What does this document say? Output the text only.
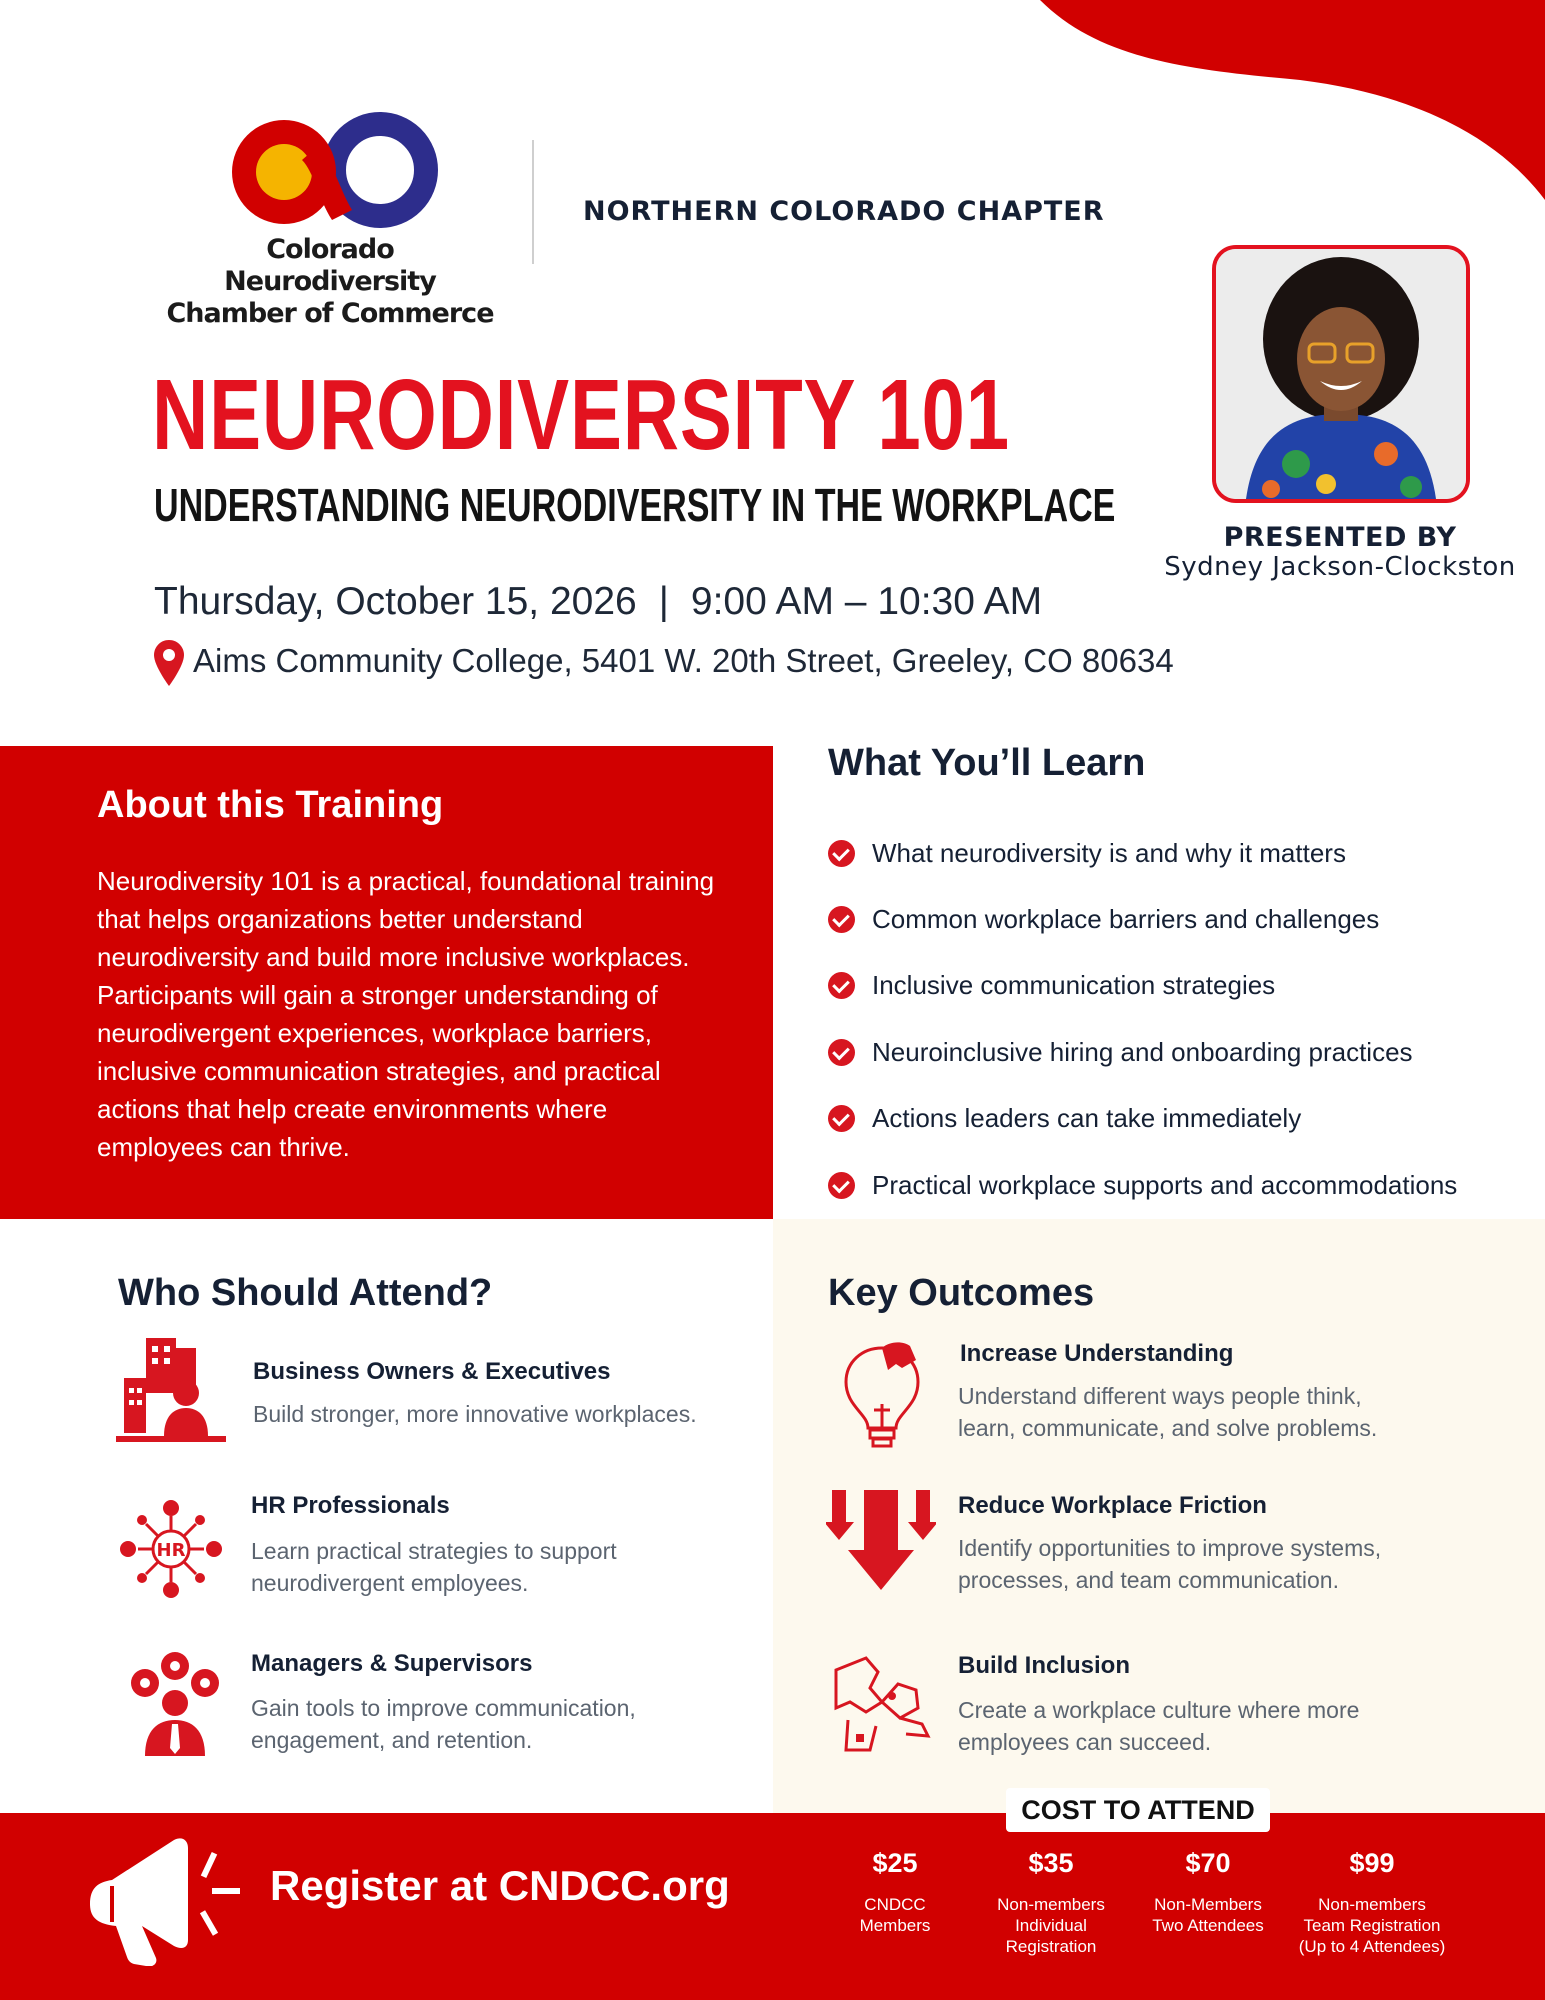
Colorado Neurodiversity
Chamber of Commerce
NORTHERN COLORADO CHAPTER
PRESENTED BY
Sydney Jackson-Clockston
NEURODIVERSITY 101
UNDERSTANDING NEURODIVERSITY IN THE WORKPLACE
Thursday, October 15, 2026 | 9:00 AM – 10:30 AM
Aims Community College, 5401 W. 20th Street, Greeley, CO 80634
About this Training
Neurodiversity 101 is a practical, foundational training that helps organizations better understand neurodiversity and build more inclusive workplaces. Participants will gain a stronger understanding of neurodivergent experiences, workplace barriers, inclusive communication strategies, and practical actions that help create environments where employees can thrive.
What You’ll Learn
What neurodiversity is and why it matters
Common workplace barriers and challenges
Inclusive communication strategies
Neuroinclusive hiring and onboarding practices
Actions leaders can take immediately
Practical workplace supports and accommodations
Who Should Attend?
Business Owners & Executives
Build stronger, more innovative workplaces.
HR
HR Professionals
Learn practical strategies to support neurodivergent employees.
Managers & Supervisors
Gain tools to improve communication, engagement, and retention.
Key Outcomes
Increase Understanding
Understand different ways people think, learn, communicate, and solve problems.
Reduce Workplace Friction
Identify opportunities to improve systems, processes, and team communication.
Build Inclusion
Create a workplace culture where more employees can succeed.
Register at CNDCC.org
COST TO ATTEND
$25
CNDCC
Members
$35
Non-members
Individual
Registration
$70
Non-Members
Two Attendees
$99
Non-members
Team Registration
(Up to 4 Attendees)
